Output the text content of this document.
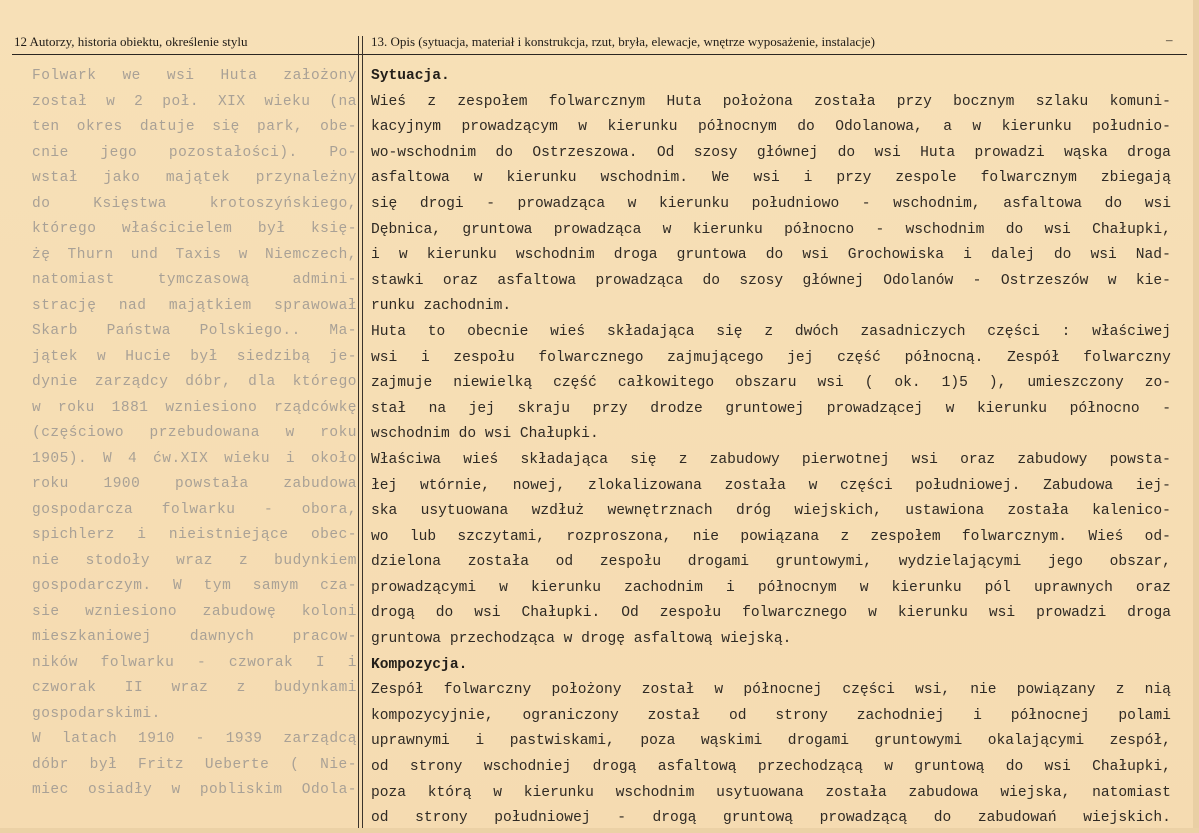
12 Autorzy, historia obiektu, określenie stylu	13. Opis (sytuacja, materiał i konstrukcja, rzut, bryła, elewacje, wnętrze wyposażenie, instalacje)	–
Folwark we wsi Huta założony
został w 2 poł. XIX wieku (na
ten okres datuje się park, obe-
cnie jego pozostałości). Po-
wstał jako majątek przynależny
do	Księstwa	krotoszyńskiego,
którego właścicielem był księ-
żę Thurn und Taxis w Niemczech,
natomiast	tymczasową	admini-
strację nad majątkiem sprawował
Skarb Państwa Polskiego.. Ma-
jątek w Hucie był siedzibą je-
dynie zarządcy dóbr, dla którego
w roku 1881 wzniesiono rządcówkę
(częściowo przebudowana w roku
1905). W 4 ćw.XIX wieku i około
roku 1900 powstała zabudowa
gospodarcza folwarku - obora,
spichlerz i nieistniejące obec-
nie stodoły wraz z budynkiem
gospodarczym. W tym samym cza-
sie wzniesiono zabudowę koloni
mieszkaniowej	dawnych	pracow-
ników folwarku - czworak I i
czworak II wraz z budynkami
gospodarskimi.
W latach 1910 - 1939 zarządcą
dóbr był Fritz Ueberte ( Nie-
miec osiadły w pobliskim Odola-
Sytuacja.
Wieś z zespołem folwarcznym Huta położona została przy bocznym szlaku komuni-
kacyjnym prowadzącym w kierunku północnym do Odolanowa, a w kierunku południo-
wo-wschodnim do Ostrzeszowa. Od szosy głównej do wsi Huta prowadzi wąska droga
asfaltowa w kierunku wschodnim. We wsi i przy zespole folwarcznym zbiegają
się drogi - prowadząca w kierunku południowo - wschodnim, asfaltowa do wsi
Dębnica, gruntowa prowadząca w kierunku północno - wschodnim do wsi Chałupki,
i w kierunku wschodnim droga gruntowa do wsi Grochowiska i dalej do wsi Nad-
stawki oraz asfaltowa prowadząca do szosy głównej Odolanów - Ostrzeszów w kie-
runku zachodnim.
Huta to obecnie wieś składająca się z dwóch zasadniczych części : właściwej
wsi i zespołu folwarcznego zajmującego jej część północną. Zespół folwarczny
zajmuje niewielką część całkowitego obszaru wsi ( ok. 1)5 ), umieszczony zo-
stał na jej skraju przy drodze gruntowej prowadzącej w kierunku północno -
wschodnim do wsi Chałupki.
Właściwa wieś składająca się z zabudowy pierwotnej wsi oraz zabudowy powsta-
łej wtórnie, nowej, zlokalizowana została w części południowej. Zabudowa iej-
ska usytuowana wzdłuż wewnętrznach dróg wiejskich, ustawiona została kalenico-
wo lub szczytami, rozproszona, nie powiązana z zespołem folwarcznym. Wieś od-
dzielona została od zespołu drogami gruntowymi, wydzielającymi jego obszar,
prowadzącymi w kierunku zachodnim i północnym w kierunku pól uprawnych oraz
drogą do wsi Chałupki. Od zespołu folwarcznego w kierunku wsi prowadzi droga
gruntowa przechodząca w drogę asfaltową wiejską.
Kompozycja.
Zespół folwarczny położony został w północnej części wsi, nie powiązany z nią
kompozycyjnie, ograniczony został od strony zachodniej i północnej polami
uprawnymi i pastwiskami, poza wąskimi drogami gruntowymi okalającymi zespół,
od strony wschodniej drogą asfaltową przechodzącą w gruntową do wsi Chałupki,
poza którą w kierunku wschodnim usytuowana została zabudowa wiejska, natomiast
od strony południowej - drogą gruntową prowadzącą do zabudowań wiejskich.
